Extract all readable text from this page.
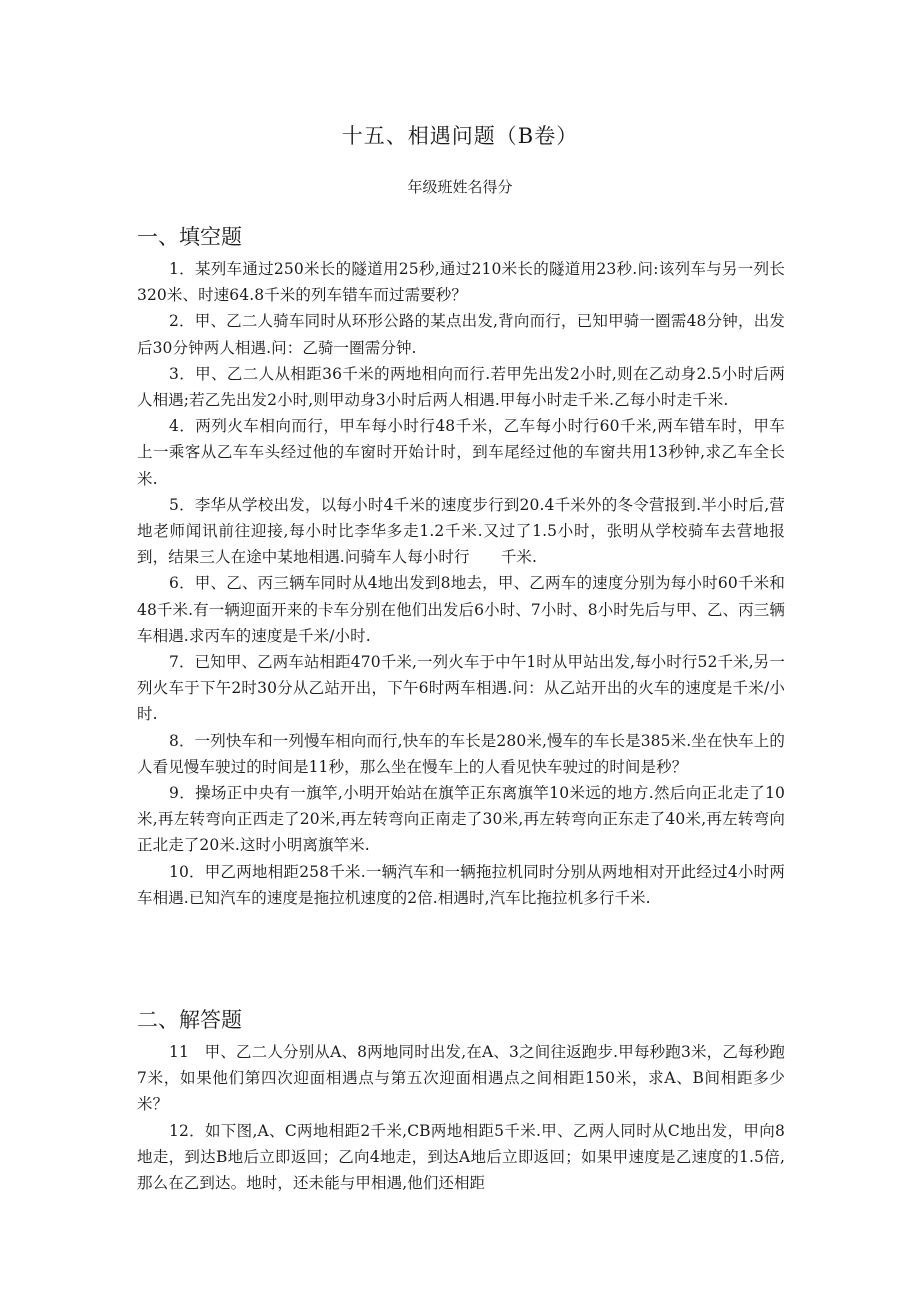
十五、相遇问题（B卷）

年级班姓名得分

一、填空题
1．某列车通过250米长的隧道用25秒,通过210米长的隧道用23秒.问:该列车与另一列长320米、时速64.8千米的列车错车而过需要秒？
2．甲、乙二人骑车同时从环形公路的某点出发,背向而行，已知甲骑一圈需48分钟，出发后30分钟两人相遇.问：乙骑一圈需分钟.
3．甲、乙二人从相距36千米的两地相向而行.若甲先出发2小时,则在乙动身2.5小时后两人相遇;若乙先出发2小时,则甲动身3小时后两人相遇.甲每小时走千米.乙每小时走千米.
4．两列火车相向而行，甲车每小时行48千米，乙车每小时行60千米,两车错车时，甲车上一乘客从乙车车头经过他的车窗时开始计时，到车尾经过他的车窗共用13秒钟,求乙车全长米.
5．李华从学校出发，以每小时4千米的速度步行到20.4千米外的冬令营报到.半小时后,营地老师闻讯前往迎接,每小时比李华多走1.2千米.又过了1.5小时，张明从学校骑车去营地报到，结果三人在途中某地相遇.问骑车人每小时行　　千米.
6．甲、乙、丙三辆车同时从4地出发到8地去，甲、乙两车的速度分别为每小时60千米和48千米.有一辆迎面开来的卡车分别在他们出发后6小时、7小时、8小时先后与甲、乙、丙三辆车相遇.求丙车的速度是千米/小时.
7．已知甲、乙两车站相距470千米,一列火车于中午1时从甲站出发,每小时行52千米,另一列火车于下午2时30分从乙站开出，下午6时两车相遇.问：从乙站开出的火车的速度是千米/小时.
8．一列快车和一列慢车相向而行,快车的车长是280米,慢车的车长是385米.坐在快车上的人看见慢车驶过的时间是11秒，那么坐在慢车上的人看见快车驶过的时间是秒？
9．操场正中央有一旗竿,小明开始站在旗竿正东离旗竿10米远的地方.然后向正北走了10米,再左转弯向正西走了20米,再左转弯向正南走了30米,再左转弯向正东走了40米,再左转弯向正北走了20米.这时小明离旗竿米.
10．甲乙两地相距258千米.一辆汽车和一辆拖拉机同时分别从两地相对开此经过4小时两车相遇.已知汽车的速度是拖拉机速度的2倍.相遇时,汽车比拖拉机多行千米.
二、解答题
11　甲、乙二人分别从A、8两地同时出发,在A、3之间往返跑步.甲每秒跑3米，乙每秒跑7米，如果他们第四次迎面相遇点与第五次迎面相遇点之间相距150米，求A、B间相距多少米？
12．如下图,A、C两地相距2千米,CB两地相距5千米.甲、乙两人同时从C地出发，甲向8地走，到达B地后立即返回；乙向4地走，到达A地后立即返回；如果甲速度是乙速度的1.5倍,那么在乙到达。地时，还未能与甲相遇,他们还相距
